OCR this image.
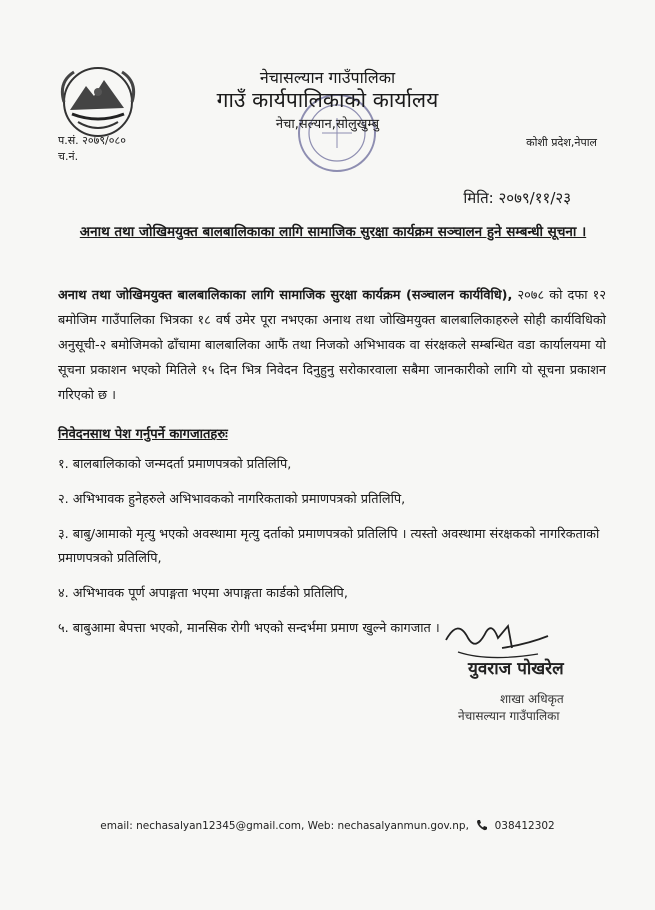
नेचासल्यान गाउँपालिका
गाउँ कार्यपालिकाको कार्यालय
नेचा,सल्यान,सोलुखुम्बु
प.सं. २०७९/०८०
च.नं.
कोशी प्रदेश,नेपाल
मिति: २०७९/११/२३
अनाथ तथा जोखिमयुक्त बालबालिकाका लागि सामाजिक सुरक्षा कार्यक्रम सञ्चालन हुने सम्बन्धी सूचना ।
अनाथ तथा जोखिमयुक्त बालबालिकाका लागि सामाजिक सुरक्षा कार्यक्रम (सञ्चालन कार्यविधि), २०७८ को दफा १२ बमोजिम गाउँपालिका भित्रका १८ वर्ष उमेर पूरा नभएका अनाथ तथा जोखिमयुक्त बालबालिकाहरुले सोही कार्यविधिको अनुसूची-२ बमोजिमको ढाँचामा बालबालिका आफैं तथा निजको अभिभावक वा संरक्षकले सम्बन्धित वडा कार्यालयमा यो सूचना प्रकाशन भएको मितिले १५ दिन भित्र निवेदन दिनुहुनु सरोकारवाला सबैमा जानकारीको लागि यो सूचना प्रकाशन गरिएको छ ।
निवेदनसाथ पेश गर्नुपर्ने कागजातहरुः
१. बालबालिकाको जन्मदर्ता प्रमाणपत्रको प्रतिलिपि,
२. अभिभावक हुनेहरुले अभिभावकको नागरिकताको प्रमाणपत्रको प्रतिलिपि,
३. बाबु/आमाको मृत्यु भएको अवस्थामा मृत्यु दर्ताको प्रमाणपत्रको प्रतिलिपि । त्यस्तो अवस्थामा संरक्षकको नागरिकताको प्रमाणपत्रको प्रतिलिपि,
४. अभिभावक पूर्ण अपाङ्गता भएमा अपाङ्गता कार्डको प्रतिलिपि,
५. बाबुआमा बेपत्ता भएको, मानसिक रोगी भएको सन्दर्भमा प्रमाण खुल्ने कागजात ।
युवराज पोखरेल
शाखा अधिकृत
नेचासल्यान गाउँपालिका
email: nechasalyan12345@gmail.com, Web: nechasalyanmun.gov.np, 038412302
